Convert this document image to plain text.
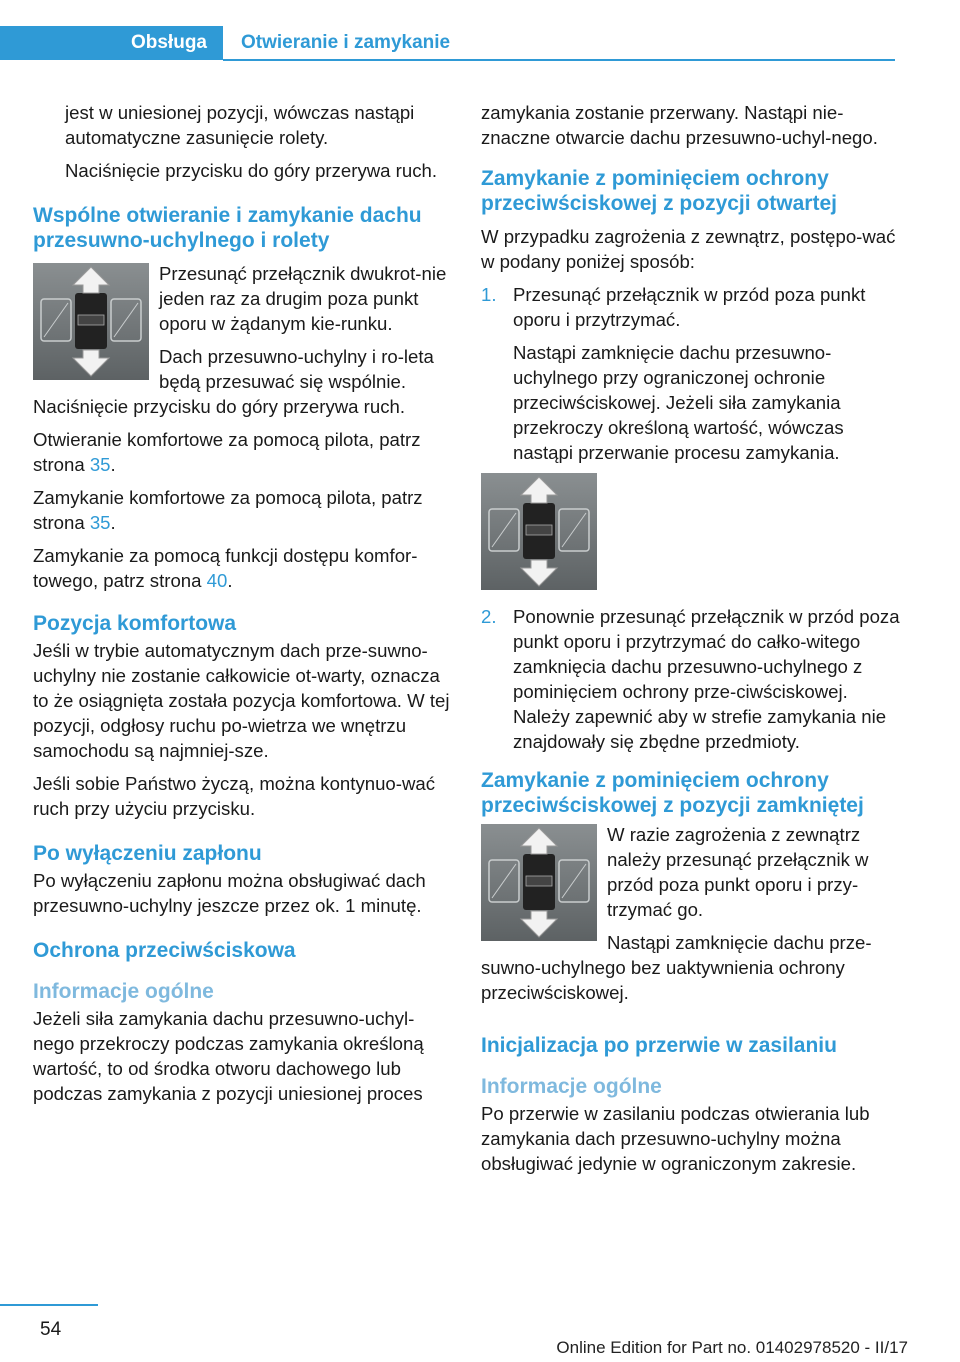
Obsługa	Otwieranie i zamykanie

jest w uniesionej pozycji, wówczas nastąpi automatyczne zasunięcie rolety.

Naciśnięcie przycisku do góry przerywa ruch.

Wspólne otwieranie i zamykanie dachu przesuwno-uchylnego i rolety

Przesunąć przełącznik dwukrot‐nie jeden raz za drugim poza punkt oporu w żądanym kie‐runku.

Dach przesuwno-uchylny i ro‐leta będą przesuwać się wspólnie. Naciśnięcie przycisku do góry przerywa ruch.

Otwieranie komfortowe za pomocą pilota, patrz strona 35.

Zamykanie komfortowe za pomocą pilota, patrz strona 35.

Zamykanie za pomocą funkcji dostępu komfor‐towego, patrz strona 40.

Pozycja komfortowa

Jeśli w trybie automatycznym dach prze‐suwno-uchylny nie zostanie całkowicie ot‐warty, oznacza to że osiągnięta została pozycja komfortowa. W tej pozycji, odgłosy ruchu po‐wietrza we wnętrzu samochodu są najmniej‐sze.

Jeśli sobie Państwo życzą, można kontynuo‐wać ruch przy użyciu przycisku.

Po wyłączeniu zapłonu

Po wyłączeniu zapłonu można obsługiwać dach przesuwno-uchylny jeszcze przez ok. 1 minutę.

Ochrona przeciwściskowa
Informacje ogólne

Jeżeli siła zamykania dachu przesuwno-uchyl‐nego przekroczy podczas zamykania określoną wartość, to od środka otworu dachowego lub podczas zamykania z pozycji uniesionej proces

zamykania zostanie przerwany. Nastąpi nie‐znaczne otwarcie dachu przesuwno-uchyl‐nego.

Zamykanie z pominięciem ochrony przeciwściskowej z pozycji otwartej

W przypadku zagrożenia z zewnątrz, postępo‐wać w podany poniżej sposób:

1. Przesunąć przełącznik w przód poza punkt oporu i przytrzymać.

Nastąpi zamknięcie dachu przesuwno-uchylnego przy ograniczonej ochronie przeciwściskowej. Jeżeli siła zamykania przekroczy określoną wartość, wówczas nastąpi przerwanie procesu zamykania.

2. Ponownie przesunąć przełącznik w przód poza punkt oporu i przytrzymać do całko‐witego zamknięcia dachu przesuwno-uchylnego z pominięciem ochrony prze‐ciwściskowej. Należy zapewnić aby w strefie zamykania nie znajdowały się zbędne przedmioty.

Zamykanie z pominięciem ochrony przeciwściskowej z pozycji zamkniętej

W razie zagrożenia z zewnątrz należy przesunąć przełącznik w przód poza punkt oporu i przy‐trzymać go.

Nastąpi zamknięcie dachu prze‐suwno-uchylnego bez uaktywnienia ochrony przeciwściskowej.

Inicjalizacja po przerwie w zasilaniu
Informacje ogólne

Po przerwie w zasilaniu podczas otwierania lub zamykania dach przesuwno-uchylny można obsługiwać jedynie w ograniczonym zakresie.

54
Online Edition for Part no. 01402978520 - II/17
